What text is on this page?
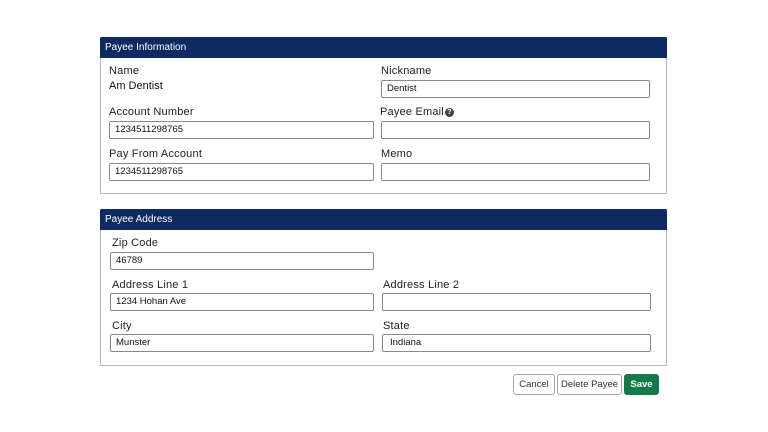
Payee Information
Name
Am Dentist
Nickname
Dentist
Account Number
1234511298765
Payee Email ?
Pay From Account
1234511298765
Memo
Payee Address
Zip Code
46789
Address Line 1
1234 Hohan Ave
Address Line 2
City
Munster
State
Indiana
Cancel	Delete Payee	Save
